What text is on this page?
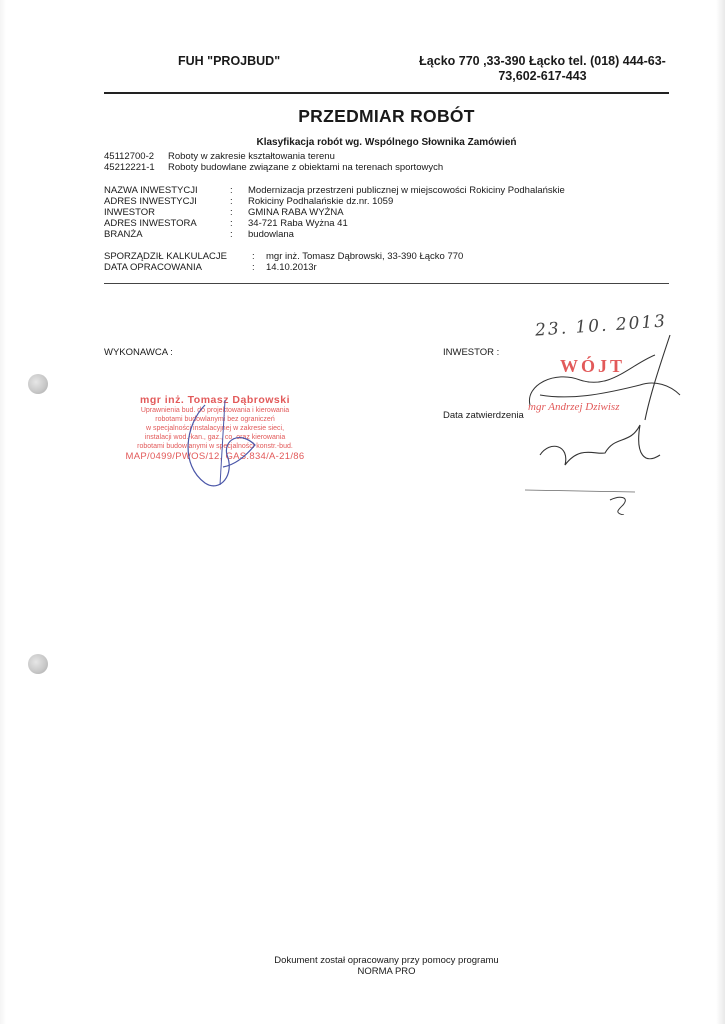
FUH "PROJBUD"	Łącko 770 ,33-390 Łącko tel. (018) 444-63-
73,602-617-443
PRZEDMIAR ROBÓT
Klasyfikacja robót wg. Wspólnego Słownika Zamówień
45112700-2 Roboty w zakresie kształtowania terenu
45212221-1 Roboty budowlane związane z obiektami na terenach sportowych
NAZWA INWESTYCJI	: Modernizacja przestrzeni publicznej w miejscowości Rokiciny Podhalańskie
ADRES INWESTYCJI	: Rokiciny Podhalańskie dz.nr. 1059
INWESTOR	: GMINA RABA WYŻNA
ADRES INWESTORA	: 34-721 Raba Wyżna 41
BRANŻA	: budowlana
SPORZĄDZIŁ KALKULACJE	: mgr inż. Tomasz Dąbrowski, 33-390 Łącko 770
DATA OPRACOWANIA	: 14.10.2013r
WYKONAWCA :	INWESTOR :
Data zatwierdzenia
23. 10. 2013
mgr inż. Tomasz Dąbrowski
Uprawnienia bud. do projektowania i kierowania
robotami budowlanymi bez ograniczeń
w specjalności instalacyjnej w zakresie sieci,
instalacji wod.-kan., gaz., co. oraz kierowania
robotami budowlanymi w specjalności konstr.-bud.
MAP/0499/PWOS/12, GAS.834/A-21/86
WÓJT
mgr Andrzej Dziwisz
Dokument został opracowany przy pomocy programu
NORMA PRO
